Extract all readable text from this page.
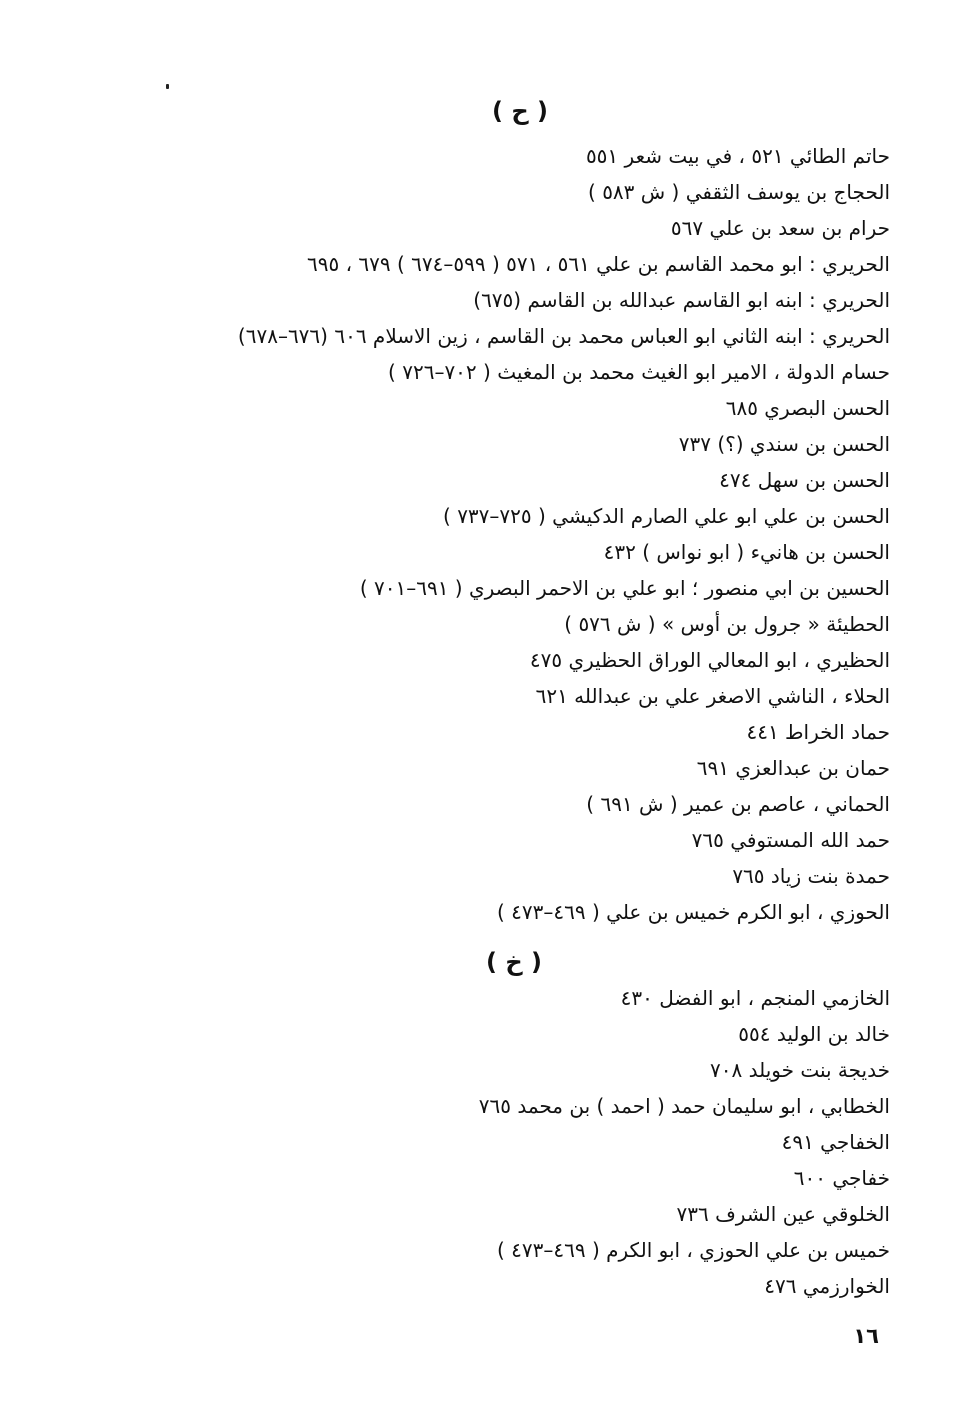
( ح )
حاتم الطائي ٥٢١ ، في بيت شعر ٥٥١
الحجاج بن يوسف الثقفي ( ش ٥٨٣ )
حرام بن سعد بن علي ٥٦٧
الحريري : ابو محمد القاسم بن علي ٥٦١ ، ٥٧١ ( ٥٩٩–٦٧٤ ) ٦٧٩ ، ٦٩٥
الحريري : ابنه ابو القاسم عبدالله بن القاسم (٦٧٥)
الحريري : ابنه الثاني ابو العباس محمد بن القاسم ، زين الاسلام ٦٠٦ (٦٧٦–٦٧٨)
حسام الدولة ، الامير ابو الغيث محمد بن المغيث ( ٧٠٢–٧٢٦ )
الحسن البصري ٦٨٥
الحسن بن سندي (؟) ٧٣٧
الحسن بن سهل ٤٧٤
الحسن بن علي ابو علي الصارم الدكيشي ( ٧٢٥–٧٣٧ )
الحسن بن هانيء ( ابو نواس ) ٤٣٢
الحسين بن ابي منصور ؛ ابو علي بن الاحمر البصري ( ٦٩١–٧٠١ )
الحطيئة « جرول بن أوس » ( ش ٥٧٦ )
الحظيري ، ابو المعالي الوراق الحظيري ٤٧٥
الحلاء ، الناشي الاصغر علي بن عبدالله ٦٢١
حماد الخراط ٤٤١
حمان بن عبدالعزي ٦٩١
الحماني ، عاصم بن عمير ( ش ٦٩١ )
حمد الله المستوفي ٧٦٥
حمدة بنت زياد ٧٦٥
الحوزي ، ابو الكرم خميس بن علي ( ٤٦٩–٤٧٣ )
( خ )
الخازمي المنجم ، ابو الفضل ٤٣٠
خالد بن الوليد ٥٥٤
خديجة بنت خويلد ٧٠٨
الخطابي ، ابو سليمان حمد ( احمد ) بن محمد ٧٦٥
الخفاجي ٤٩١
خفاجي ٦٠٠
الخلوقي عين الشرف ٧٣٦
خميس بن علي الحوزي ، ابو الكرم ( ٤٦٩–٤٧٣ )
الخوارزمي ٤٧٦
١٦
